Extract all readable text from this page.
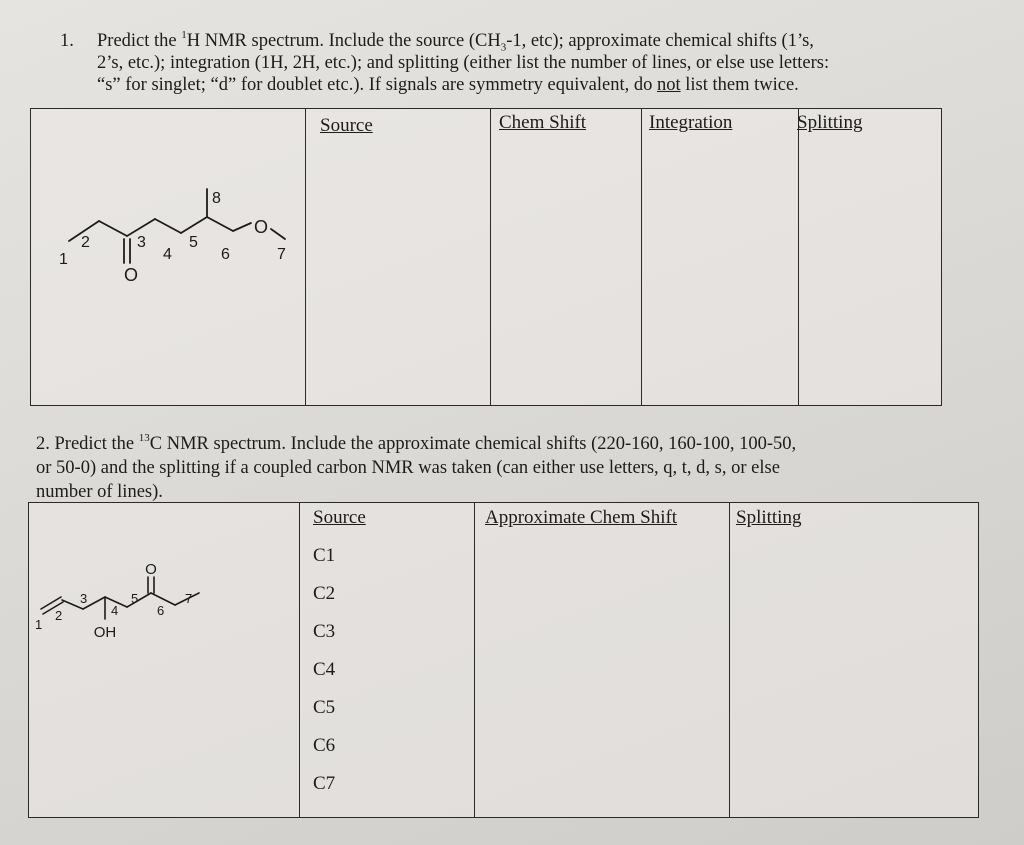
1. Predict the $^1$H NMR spectrum. Include the source ($CH_3-1$, etc); approximate chemical shifts (1’s,
2’s, etc.); integration (1H, 2H, etc.); and splitting (either list the number of lines, or else use letters:
“s” for singlet; “d” for doublet etc.). If signals are symmetry equivalent, do not list them twice.

Source	Chem Shift	Integration	Splitting
O
O
1
2	3
4
5
6	7
8

2. Predict the $^{13}$C NMR spectrum. Include the approximate chemical shifts (220-160, 160-100, 100-50,
or 50-0) and the splitting if a coupled carbon NMR was taken (can either use letters, q, t, d, s, or else
number of lines).

Source	Approximate Chem Shift	Splitting
C1
C2
C3
C4
C5
C6
C7
O
OH
1
2
3
4
5
6
7
